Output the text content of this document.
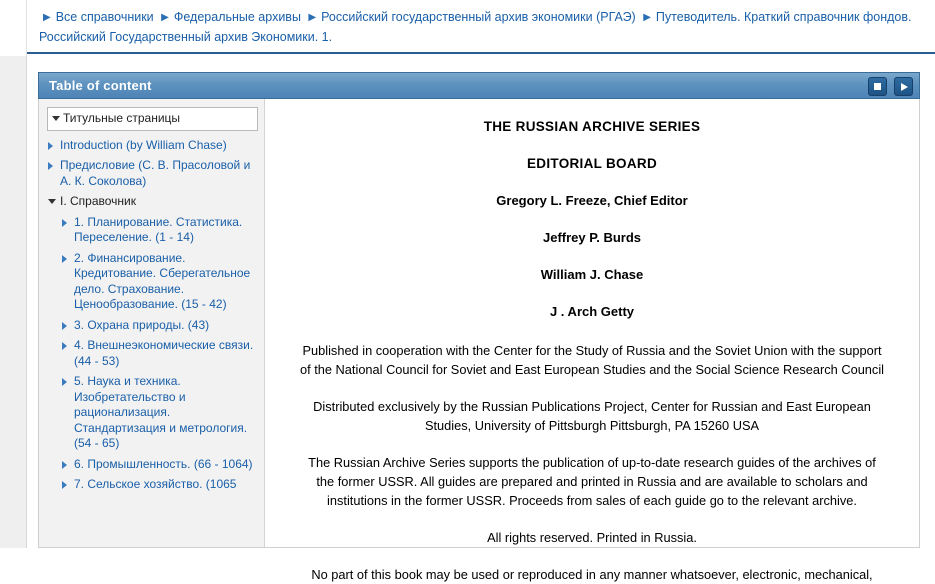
▶ Все справочники ▶ Федеральные архивы ▶ Российский государственный архив экономики (РГАЭ) ▶ Путеводитель. Краткий справочник фондов. Российский Государственный архив Экономики. 1.
Table of content
Титульные страницы
Introduction (by William Chase)
Предисловие (С. В. Прасоловой и А. К. Соколова)
I. Справочник
1. Планирование. Статистика. Переселение. (1 - 14)
2. Финансирование. Кредитование. Сберегательное дело. Страхование. Ценообразование. (15 - 42)
3. Охрана природы. (43)
4. Внешнеэкономические связи. (44 - 53)
5. Наука и техника. Изобретательство и рационализация. Стандартизация и метрология. (54 - 65)
6. Промышленность. (66 - 1064)
7. Сельское хозяйство. (1065
THE RUSSIAN ARCHIVE SERIES
EDITORIAL BOARD
Gregory L. Freeze, Chief Editor
Jeffrey P. Burds
William J. Chase
J . Arch Getty

Published in cooperation with the Center for the Study of Russia and the Soviet Union with the support of the National Council for Soviet and East European Studies and the Social Science Research Council

Distributed exclusively by the Russian Publications Project, Center for Russian and East European Studies, University of Pittsburgh Pittsburgh, PA 15260 USA

The Russian Archive Series supports the publication of up-to-date research guides of the archives of the former USSR. All guides are prepared and printed in Russia and are available to scholars and institutions in the former USSR. Proceeds from sales of each guide go to the relevant archive.

All rights reserved. Printed in Russia.

No part of this book may be used or reproduced in any manner whatsoever, electronic, mechanical,
